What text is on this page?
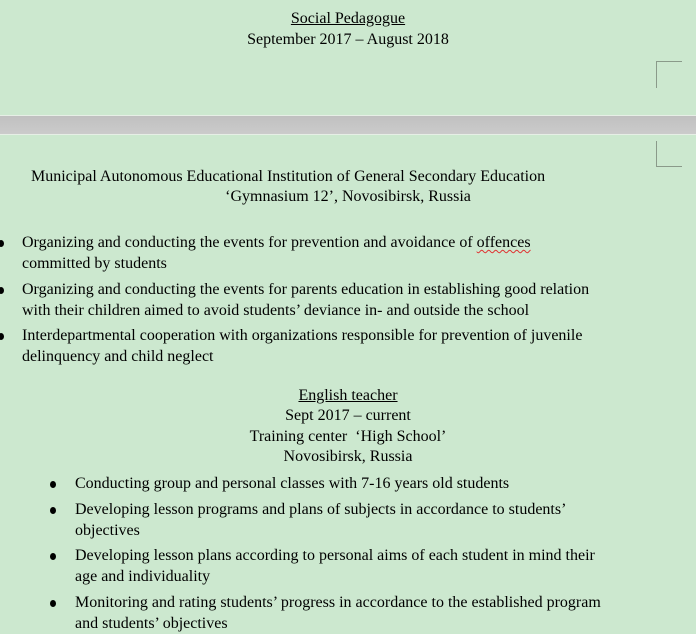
Social Pedagogue
September 2017 – August 2018
Municipal Autonomous Educational Institution of General Secondary Education
‘Gymnasium 12’, Novosibirsk, Russia
Organizing and conducting the events for prevention and avoidance of offences
committed by students
Organizing and conducting the events for parents education in establishing good relation
with their children aimed to avoid students’ deviance in- and outside the school
Interdepartmental cooperation with organizations responsible for prevention of juvenile
delinquency and child neglect
English teacher
Sept 2017 – current
Training center  ‘High School’
Novosibirsk, Russia
Conducting group and personal classes with 7-16 years old students
Developing lesson programs and plans of subjects in accordance to students’
objectives
Developing lesson plans according to personal aims of each student in mind their
age and individuality
Monitoring and rating students’ progress in accordance to the established program
and students’ objectives
